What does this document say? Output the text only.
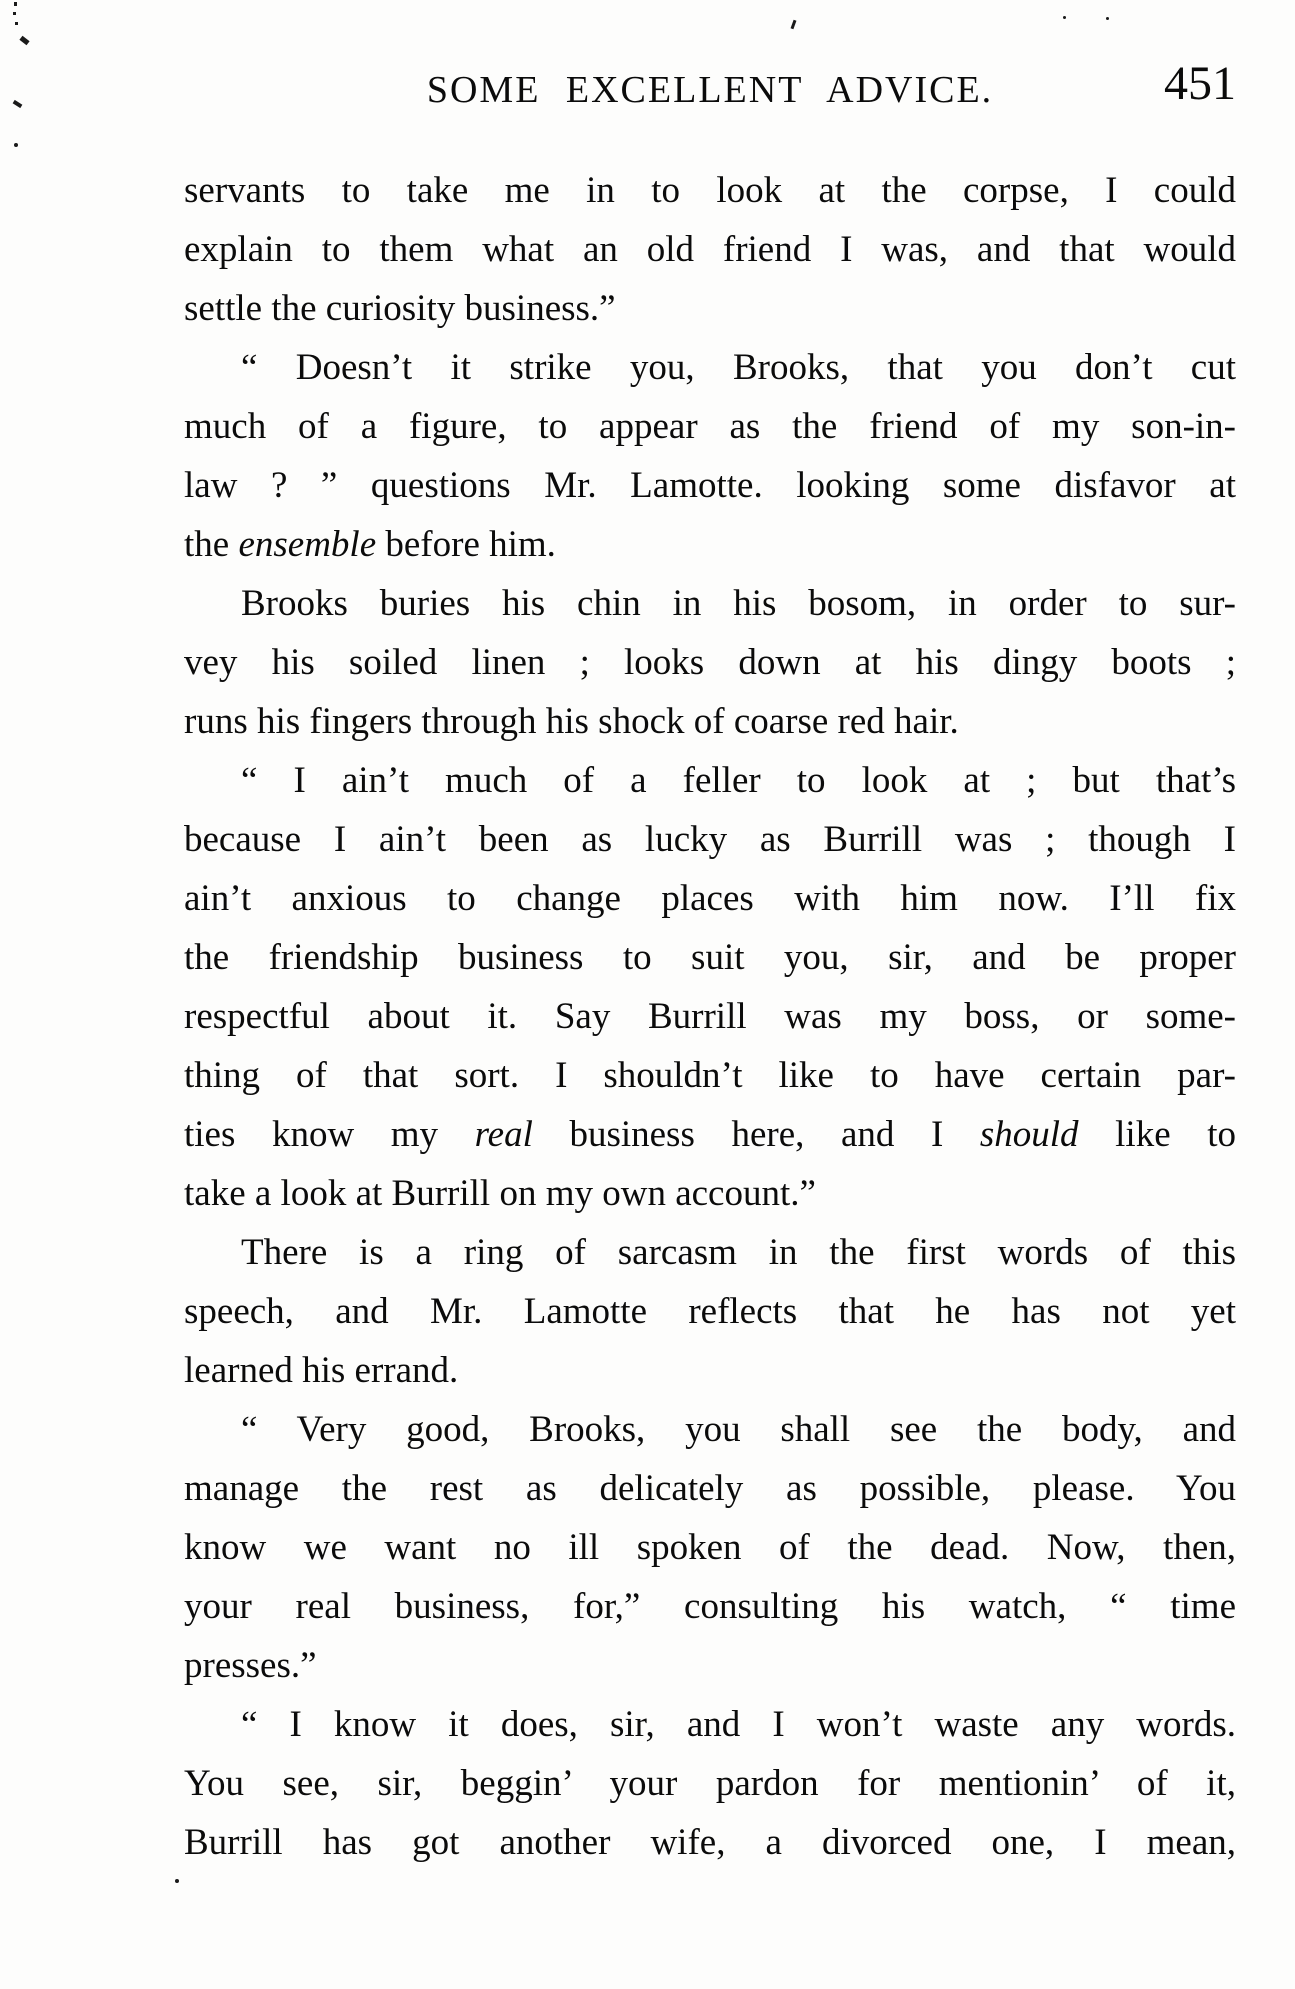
SOME EXCELLENT ADVICE.	451
servants to take me in to look at the corpse, I could
explain to them what an old friend I was, and that would
settle the curiosity business.”
“ Doesn’t it strike you, Brooks, that you don’t cut
much of a figure, to appear as the friend of my son-in-
law ? ” questions Mr. Lamotte. looking some disfavor at
the ensemble before him.
Brooks buries his chin in his bosom, in order to sur-
vey his soiled linen ; looks down at his dingy boots ;
runs his fingers through his shock of coarse red hair.
“ I ain’t much of a feller to look at ; but that’s
because I ain’t been as lucky as Burrill was ; though I
ain’t anxious to change places with him now. I’ll fix
the friendship business to suit you, sir, and be proper
respectful about it. Say Burrill was my boss, or some-
thing of that sort. I shouldn’t like to have certain par-
ties know my real business here, and I should like to
take a look at Burrill on my own account.”
There is a ring of sarcasm in the first words of this
speech, and Mr. Lamotte reflects that he has not yet
learned his errand.
“ Very good, Brooks, you shall see the body, and
manage the rest as delicately as possible, please. You
know we want no ill spoken of the dead. Now, then,
your real business, for,” consulting his watch, “ time
presses.”
“ I know it does, sir, and I won’t waste any words.
You see, sir, beggin’ your pardon for mentionin’ of it,
Burrill has got another wife, a divorced one, I mean,
